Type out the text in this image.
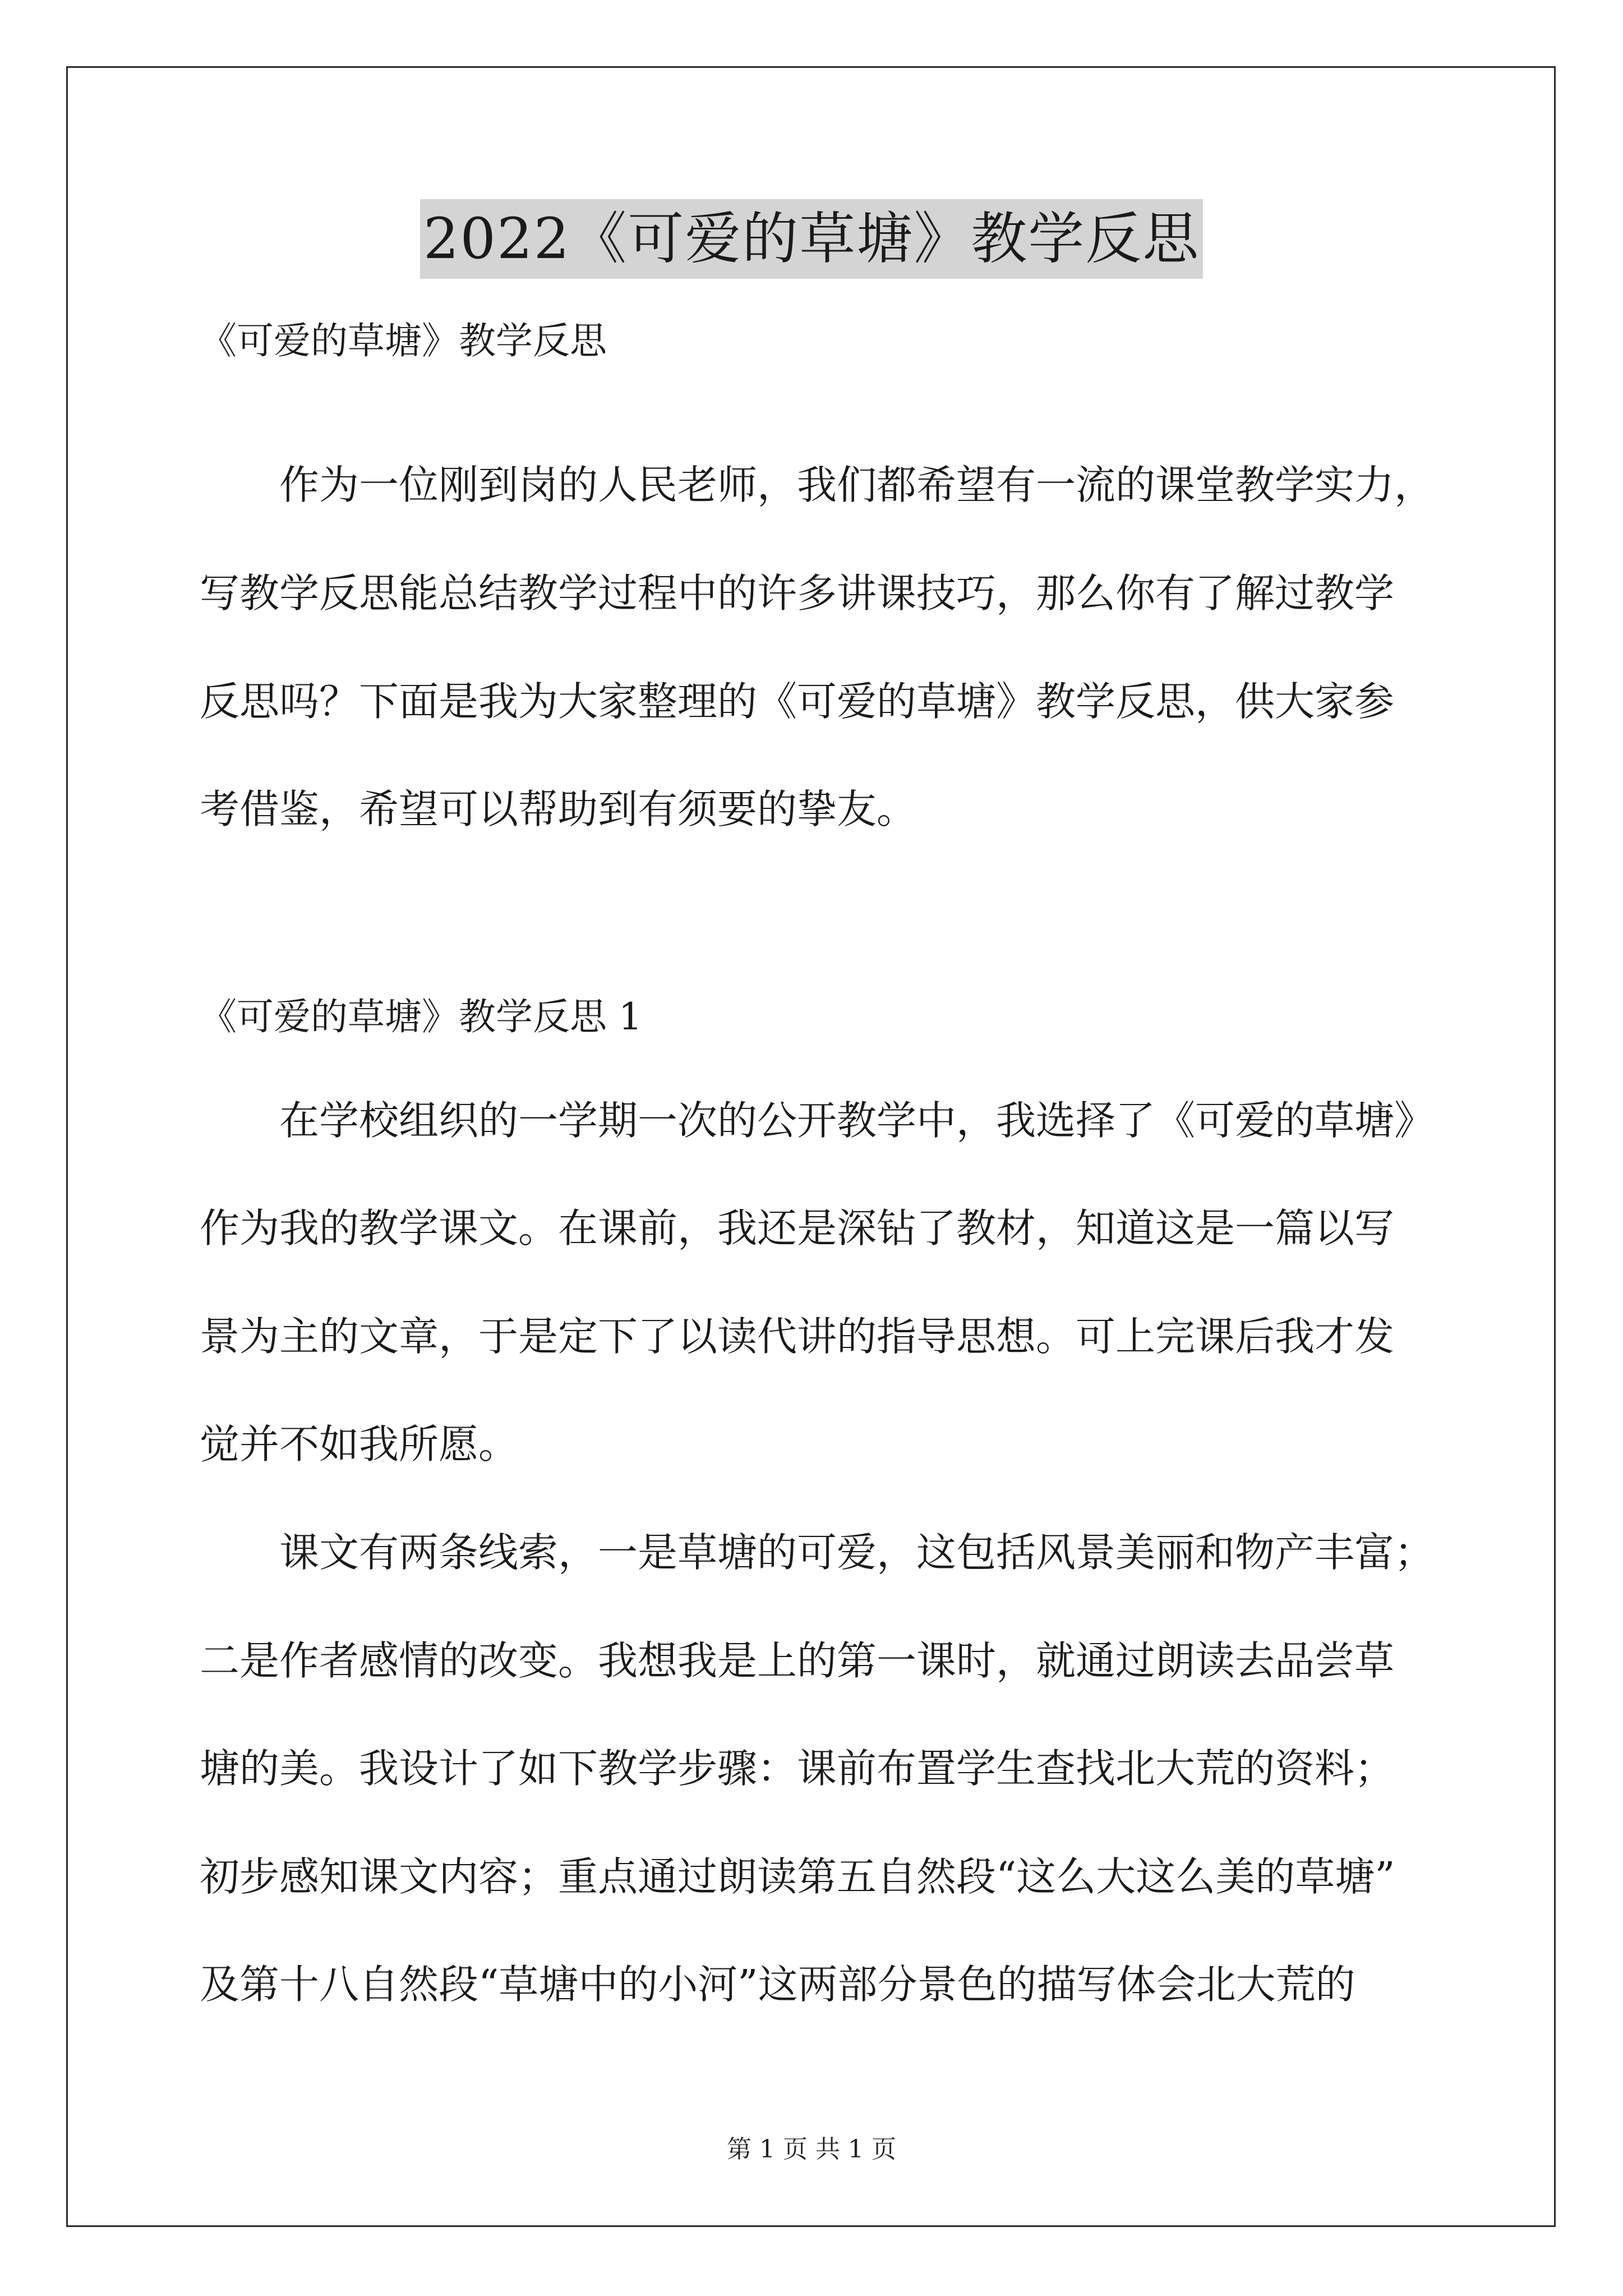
2022《可爱的草塘》教学反思
《可爱的草塘》教学反思
作为一位刚到岗的人民老师，我们都希望有一流的课堂教学实力，
写教学反思能总结教学过程中的许多讲课技巧，那么你有了解过教学
反思吗？下面是我为大家整理的《可爱的草塘》教学反思，供大家参
考借鉴，希望可以帮助到有须要的挚友。
《可爱的草塘》教学反思 1
在学校组织的一学期一次的公开教学中，我选择了《可爱的草塘》
作为我的教学课文。在课前，我还是深钻了教材，知道这是一篇以写
景为主的文章，于是定下了以读代讲的指导思想。可上完课后我才发
觉并不如我所愿。
课文有两条线索，一是草塘的可爱，这包括风景美丽和物产丰富；
二是作者感情的改变。我想我是上的第一课时，就通过朗读去品尝草
塘的美。我设计了如下教学步骤：课前布置学生查找北大荒的资料；
初步感知课文内容；重点通过朗读第五自然段“这么大这么美的草塘”
及第十八自然段“草塘中的小河”这两部分景色的描写体会北大荒的
第 1 页 共 1 页
